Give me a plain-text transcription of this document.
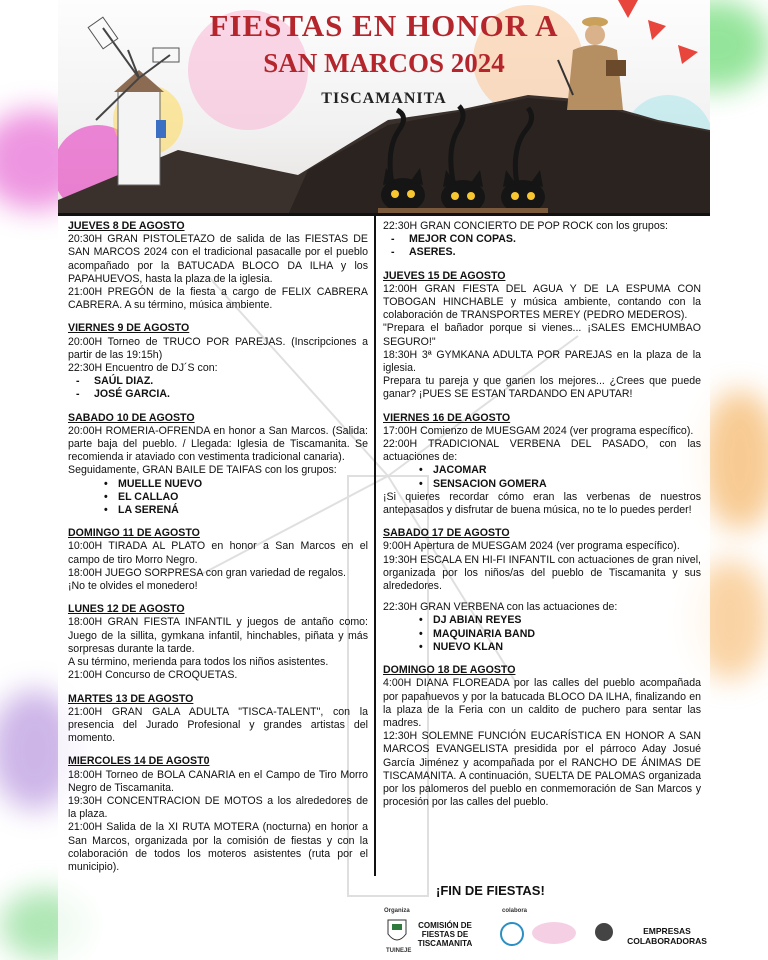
FIESTAS EN HONOR A
SAN MARCOS 2024
TISCAMANITA
JUEVES 8 DE AGOSTO
20:30H GRAN PISTOLETAZO de salida de las FIESTAS DE SAN MARCOS 2024 con el tradicional pasacalle por el pueblo acompañado por la BATUCADA BLOCO DA ILHA y los PAPAHUEVOS, hasta la plaza de la iglesia.
21:00H PREGÓN de la fiesta a cargo de FELIX CABRERA CABRERA. A su término, música ambiente.
VIERNES 9 DE AGOSTO
20:00H Torneo de TRUCO POR PAREJAS. (Inscripciones a partir de las 19:15h)
22:30H Encuentro de DJ´S con:
- SAÚL DIAZ.
- JOSÉ GARCIA.
SABADO 10 DE AGOSTO
20:00H ROMERIA-OFRENDA en honor a San Marcos. (Salida: parte baja del pueblo. / Llegada: Iglesia de Tiscamanita. Se recomienda ir ataviado con vestimenta tradicional canaria).
Seguidamente, GRAN BAILE DE TAIFAS con los grupos:
• MUELLE NUEVO
• EL CALLAO
• LA SERENÁ
DOMINGO 11 DE AGOSTO
10:00H TIRADA AL PLATO en honor a San Marcos en el campo de tiro Morro Negro.
18:00H JUEGO SORPRESA con gran variedad de regalos.
¡No te olvides el monedero!
LUNES 12 DE AGOSTO
18:00H GRAN FIESTA INFANTIL y juegos de antaño como: Juego de la sillita, gymkana infantil, hinchables, piñata y más sorpresas durante la tarde.
A su término, merienda para todos los niños asistentes.
21:00H Concurso de CROQUETAS.
MARTES 13 DE AGOSTO
21:00H GRAN GALA ADULTA "TISCA-TALENT", con la presencia del Jurado Profesional y grandes artistas del momento.
MIERCOLES 14 DE AGOST0
18:00H Torneo de BOLA CANARIA en el Campo de Tiro Morro Negro de Tiscamanita.
19:30H CONCENTRACION DE MOTOS a los alrededores de la plaza.
21:00H Salida de la XI RUTA MOTERA (nocturna) en honor a San Marcos, organizada por la comisión de fiestas y con la colaboración de todos los moteros asistentes (ruta por el municipio).
22:30H GRAN CONCIERTO DE POP ROCK con los grupos:
- MEJOR CON COPAS.
- ASERES.
JUEVES 15 DE AGOSTO
12:00H GRAN FIESTA DEL AGUA Y DE LA ESPUMA CON TOBOGAN HINCHABLE y música ambiente, contando con la colaboración de TRANSPORTES MEREY (PEDRO MEDEROS).
"Prepara el bañador porque si vienes... ¡SALES EMCHUMBAO SEGURO!"
18:30H 3ª GYMKANA ADULTA POR PAREJAS en la plaza de la iglesia.
Prepara tu pareja y que ganen los mejores... ¿Crees que puede ganar? ¡PUES SE ESTAN TARDANDO EN APUTAR!
VIERNES 16 DE AGOSTO
17:00H Comienzo de MUESGAM 2024 (ver programa específico).
22:00H TRADICIONAL VERBENA DEL PASADO, con las actuaciones de:
• JACOMAR
• SENSACION GOMERA
¡Si quieres recordar cómo eran las verbenas de nuestros antepasados y disfrutar de buena música, no te lo puedes perder!
SABADO 17 DE AGOSTO
9:00H Apertura de MUESGAM 2024 (ver programa específico).
19:30H ESCALA EN HI-FI INFANTIL con actuaciones de gran nivel, organizada por los niños/as del pueblo de Tiscamanita y sus alrededores.
22:30H GRAN VERBENA con las actuaciones de:
• DJ ABIAN REYES
• MAQUINARIA BAND
• NUEVO KLAN
DOMINGO 18 DE AGOSTO
4:00H DIANA FLOREADA por las calles del pueblo acompañada por papahuevos y por la batucada BLOCO DA ILHA, finalizando en la plaza de la Feria con un caldito de puchero para sentar las madres.
12:30H SOLEMNE FUNCIÓN EUCARÍSTICA EN HONOR A SAN MARCOS EVANGELISTA presidida por el párroco Aday Josué García Jiménez y acompañada por el RANCHO DE ÁNIMAS DE TISCAMANITA. A continuación, SUELTA DE PALOMAS organizada por los palomeros del pueblo en conmemoración de San Marcos y procesión por las calles del pueblo.
¡FIN DE FIESTAS!
Organiza
TUINEJE
COMISIÓN DE FIESTAS DE TISCAMANITA
colabora
EMPRESAS COLABORADORAS
